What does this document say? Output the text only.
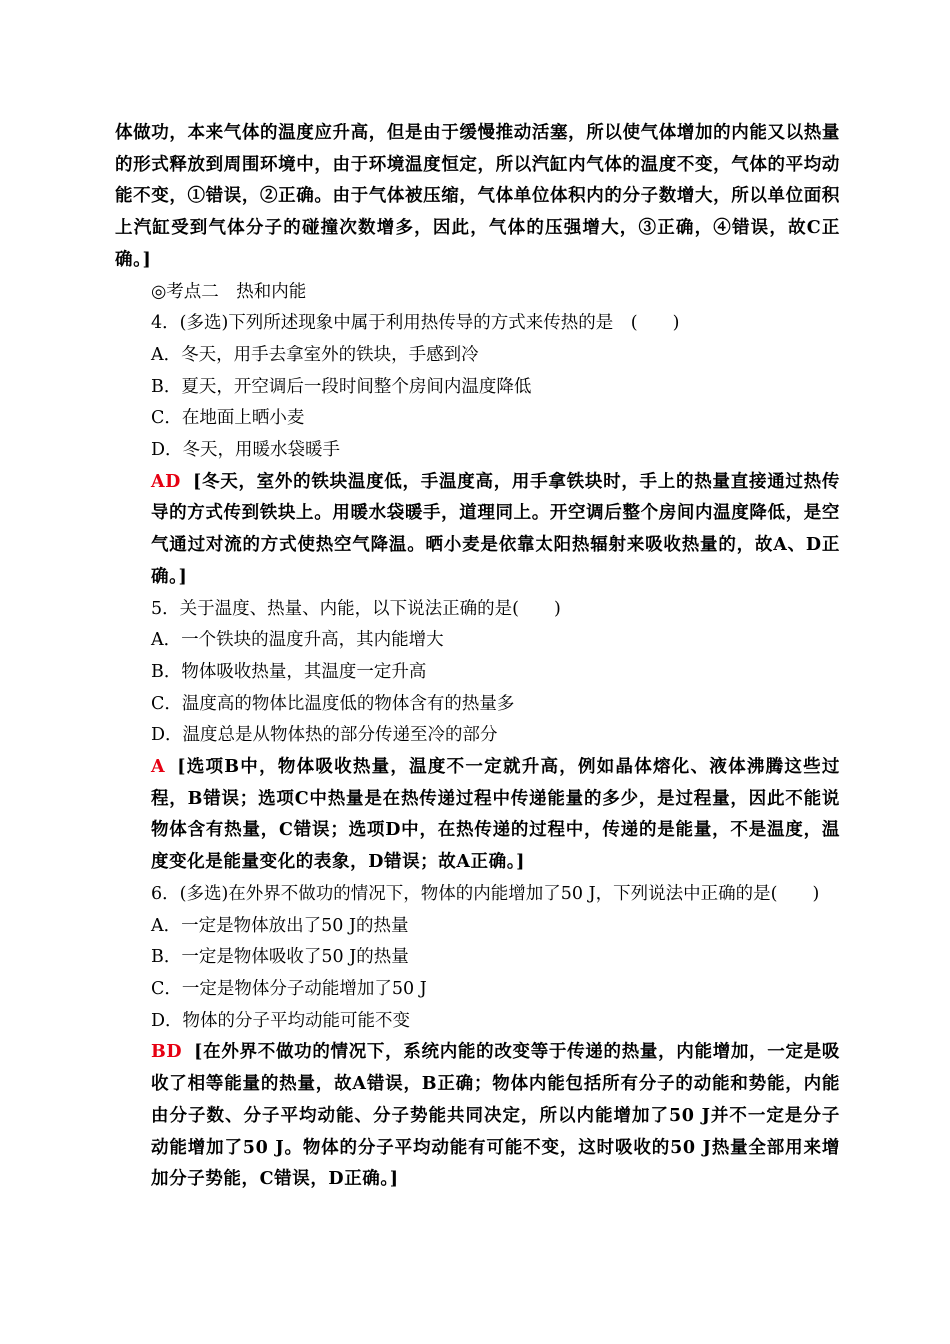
体做功，本来气体的温度应升高，但是由于缓慢推动活塞，所以使气体增加的内能又以热量的形式释放到周围环境中，由于环境温度恒定，所以汽缸内气体的温度不变，气体的平均动能不变，①错误，②正确。由于气体被压缩，气体单位体积内的分子数增大，所以单位面积上汽缸受到气体分子的碰撞次数增多，因此，气体的压强增大，③正确，④错误，故C正确。]

◎考点二　热和内能

4．(多选)下列所述现象中属于利用热传导的方式来传热的是　(　　)

A．冬天，用手去拿室外的铁块，手感到冷

B．夏天，开空调后一段时间整个房间内温度降低

C．在地面上晒小麦

D．冬天，用暖水袋暖手

AD [冬天，室外的铁块温度低，手温度高，用手拿铁块时，手上的热量直接通过热传导的方式传到铁块上。用暖水袋暖手，道理同上。开空调后整个房间内温度降低，是空气通过对流的方式使热空气降温。晒小麦是依靠太阳热辐射来吸收热量的，故A、D正确。]

5．关于温度、热量、内能，以下说法正确的是(　　)

A．一个铁块的温度升高，其内能增大

B．物体吸收热量，其温度一定升高

C．温度高的物体比温度低的物体含有的热量多

D．温度总是从物体热的部分传递至冷的部分

A [选项B中，物体吸收热量，温度不一定就升高，例如晶体熔化、液体沸腾这些过程，B错误；选项C中热量是在热传递过程中传递能量的多少，是过程量，因此不能说物体含有热量，C错误；选项D中，在热传递的过程中，传递的是能量，不是温度，温度变化是能量变化的表象，D错误；故A正确。]

6．(多选)在外界不做功的情况下，物体的内能增加了50 J，下列说法中正确的是(　　)

A．一定是物体放出了50 J的热量

B．一定是物体吸收了50 J的热量

C．一定是物体分子动能增加了50 J

D．物体的分子平均动能可能不变

BD [在外界不做功的情况下，系统内能的改变等于传递的热量，内能增加，一定是吸收了相等能量的热量，故A错误，B正确；物体内能包括所有分子的动能和势能，内能由分子数、分子平均动能、分子势能共同决定，所以内能增加了50 J并不一定是分子动能增加了50 J。物体的分子平均动能有可能不变，这时吸收的50 J热量全部用来增加分子势能，C错误，D正确。]
